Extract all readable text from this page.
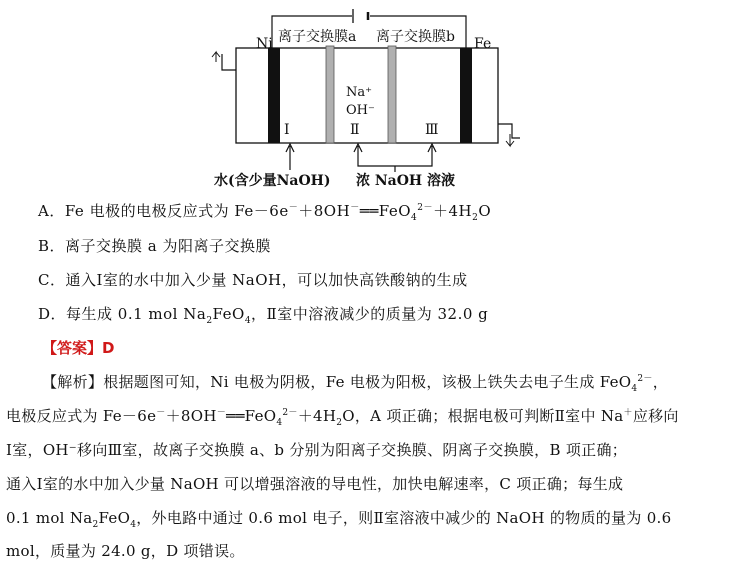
Ni	Fe
离子交换膜a 离子交换膜b
Na⁺
OH⁻
Ⅰ	Ⅱ	Ⅲ
水(含少量NaOH) 浓 NaOH 溶液
A．Fe 电极的电极反应式为 $Fe-6e^-+8OH^-══FeO_4^{2-}+4H_2O$
B．离子交换膜 a 为阳离子交换膜
C．通入Ⅰ室的水中加入少量 NaOH，可以加快高铁酸钠的生成
D．每生成 0.1 mol $Na_2FeO_4$，Ⅱ室中溶液减少的质量为 32.0 g
【答案】D
【解析】根据题图可知，Ni 电极为阴极，Fe 电极为阳极，该极上铁失去电子生成 FeO$_4^{2-}$，
电极反应式为 $Fe-6e^-+8OH^-══FeO_4^{2-}+4H_2O$，A 项正确；根据电极可判断Ⅱ室中 Na＋应移向
Ⅰ室，OH⁻移向Ⅲ室，故离子交换膜 a、b 分别为阳离子交换膜、阴离子交换膜，B 项正确；
通入Ⅰ室的水中加入少量 NaOH 可以增强溶液的导电性，加快电解速率，C 项正确；每生成
0.1 mol $Na_2FeO_4$，外电路中通过 0.6 mol 电子，则Ⅱ室溶液中减少的 NaOH 的物质的量为 0.6
mol，质量为 24.0 g，D 项错误。
